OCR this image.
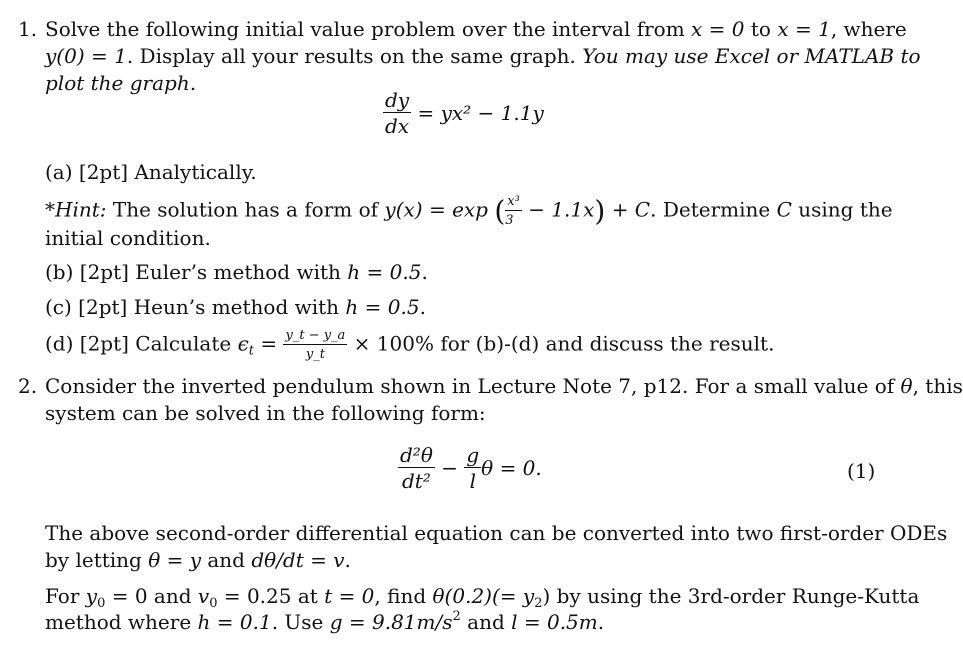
1. Solve the following initial value problem over the interval from x = 0 to x = 1, where
y(0) = 1. Display all your results on the same graph. You may use Excel or MATLAB to
plot the graph.
$\frac{dy}{dx} = yx^2 - 1.1y$
(a) [2pt] Analytically.
*Hint: The solution has a form of y(x) = exp ( $\frac{\text{x³}}{3} - 1.1x) + C$. Determine C using the
initial condition.
(b) [2pt] Euler’s method with h = 0.5.
(c) [2pt] Heun’s method with h = 0.5.
(d) [2pt] Calculate $\epsilon_t = \frac{y\_t - y\_a}{y\_t} \times 100\%$ for (b)-(d) and discuss the result.
2. Consider the inverted pendulum shown in Lecture Note 7, p12. For a small value of θ, this
system can be solved in the following form:
$\frac{\text{d²θ}}{\text{dt²}} - \frac{g}{l}$ θ = 0.	(1)
The above second-order differential equation can be converted into two first-order ODEs
by letting θ = y and dθ/dt = v.
For $y_0 = 0$ and $v_0 = 0.25$ at t = 0, find $\theta(0.2)(= y_2)$ by using the 3rd-order Runge-Kutta
method where h = 0.1. Use $g = 9.81m/s^2$ and l = 0.5m.
